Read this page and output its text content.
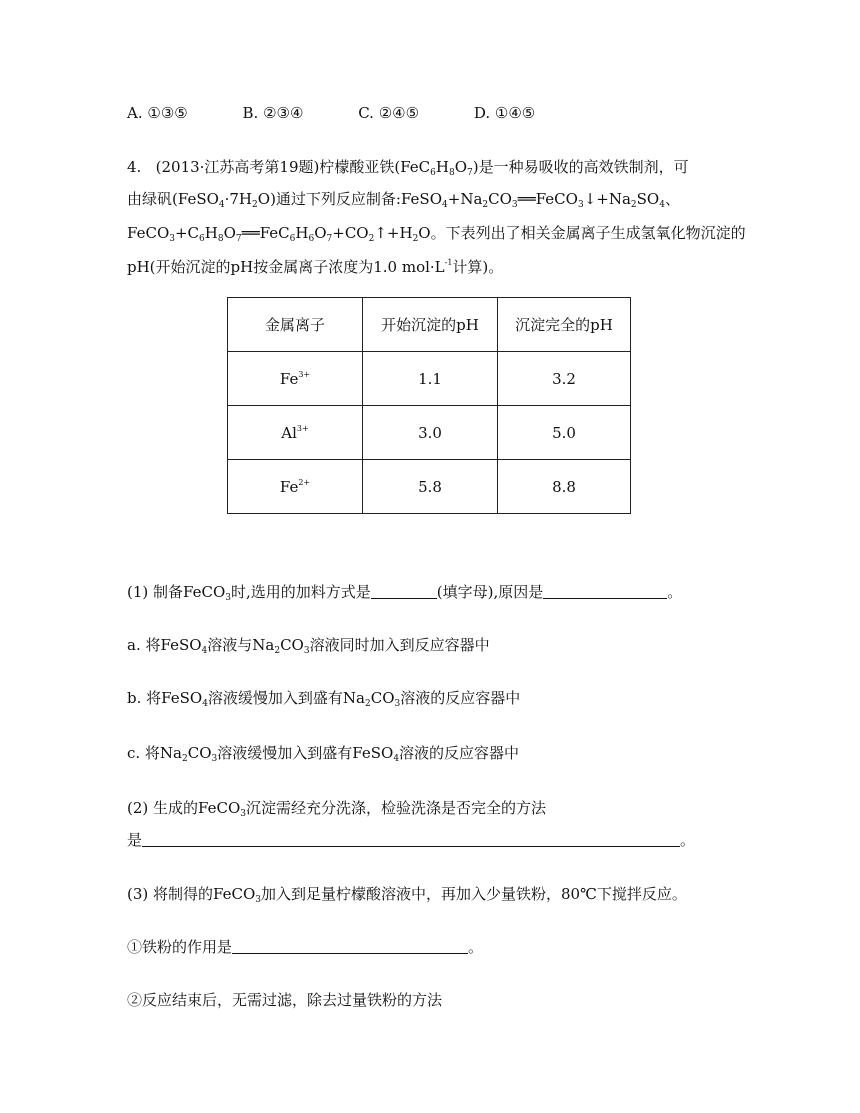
A. ①③⑤	B. ②③④	C. ②④⑤	D. ①④⑤
4. (2013·江苏高考第19题)柠檬酸亚铁$(FeC_6H_8O_7)$是一种易吸收的高效铁制剂，可
由绿矾$(FeSO_4\cdot 7H_2O)$通过下列反应制备$:FeSO_4+Na_2CO_3══FeCO_3↓+Na_2SO_4$、
$FeCO_3+C_6H_8O_7══FeC_6H_6O_7+CO_2↑+H_2O$。下表列出了相关金属离子生成氢氧化物沉淀的
pH(开始沉淀的pH按金属离子浓度为1.0 $mol\cdot L^{-1}$计算)。
金属离子	开始沉淀的pH	沉淀完全的pH
$Fe^{3+}$	1.1	3.2
$Al^{3+}$	3.0	5.0
$Fe^{2+}$	5.8	8.8
(1) 制备FeCO$_3$时,选用的加料方式是	(填字母),原因是	。
a. 将FeSO$_4$溶液与$Na_2CO_3$溶液同时加入到反应容器中
b. 将FeSO$_4$溶液缓慢加入到盛有$Na_2CO_3$溶液的反应容器中
c. 将$Na_2CO_3$溶液缓慢加入到盛有FeSO$_4$溶液的反应容器中
(2) 生成的FeCO$_3$沉淀需经充分洗涤，检验洗涤是否完全的方法
是	。
(3) 将制得的FeCO$_3$加入到足量柠檬酸溶液中，再加入少量铁粉，80℃下搅拌反应。
①铁粉的作用是	。
②反应结束后，无需过滤，除去过量铁粉的方法
